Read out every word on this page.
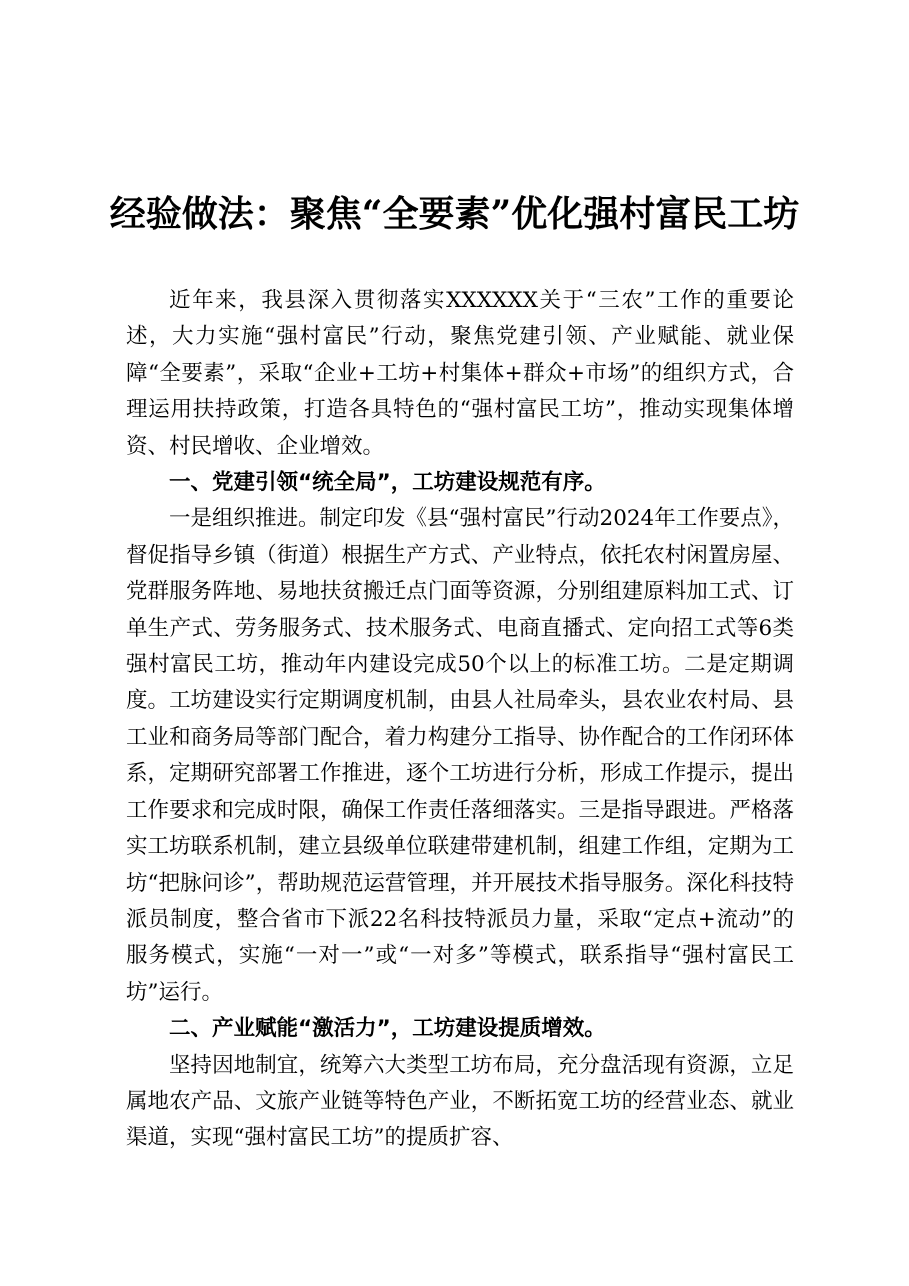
经验做法：聚焦“全要素”优化强村富民工坊

近年来，我县深入贯彻落实XXXXXX关于“三农”工作的重要论述，大力实施“强村富民”行动，聚焦党建引领、产业赋能、就业保障“全要素”，采取“企业+工坊+村集体+群众+市场”的组织方式，合理运用扶持政策，打造各具特色的“强村富民工坊”，推动实现集体增资、村民增收、企业增效。

一、党建引领“统全局”，工坊建设规范有序。

一是组织推进。制定印发《县“强村富民”行动2024年工作要点》，督促指导乡镇（街道）根据生产方式、产业特点，依托农村闲置房屋、党群服务阵地、易地扶贫搬迁点门面等资源，分别组建原料加工式、订单生产式、劳务服务式、技术服务式、电商直播式、定向招工式等6类强村富民工坊，推动年内建设完成50个以上的标准工坊。二是定期调度。工坊建设实行定期调度机制，由县人社局牵头，县农业农村局、县工业和商务局等部门配合，着力构建分工指导、协作配合的工作闭环体系，定期研究部署工作推进，逐个工坊进行分析，形成工作提示，提出工作要求和完成时限，确保工作责任落细落实。三是指导跟进。严格落实工坊联系机制，建立县级单位联建带建机制，组建工作组，定期为工坊“把脉问诊”，帮助规范运营管理，并开展技术指导服务。深化科技特派员制度，整合省市下派22名科技特派员力量，采取“定点+流动”的服务模式，实施“一对一”或“一对多”等模式，联系指导“强村富民工坊”运行。

二、产业赋能“激活力”，工坊建设提质增效。

坚持因地制宜，统筹六大类型工坊布局，充分盘活现有资源，立足属地农产品、文旅产业链等特色产业，不断拓宽工坊的经营业态、就业渠道，实现“强村富民工坊”的提质扩容、
